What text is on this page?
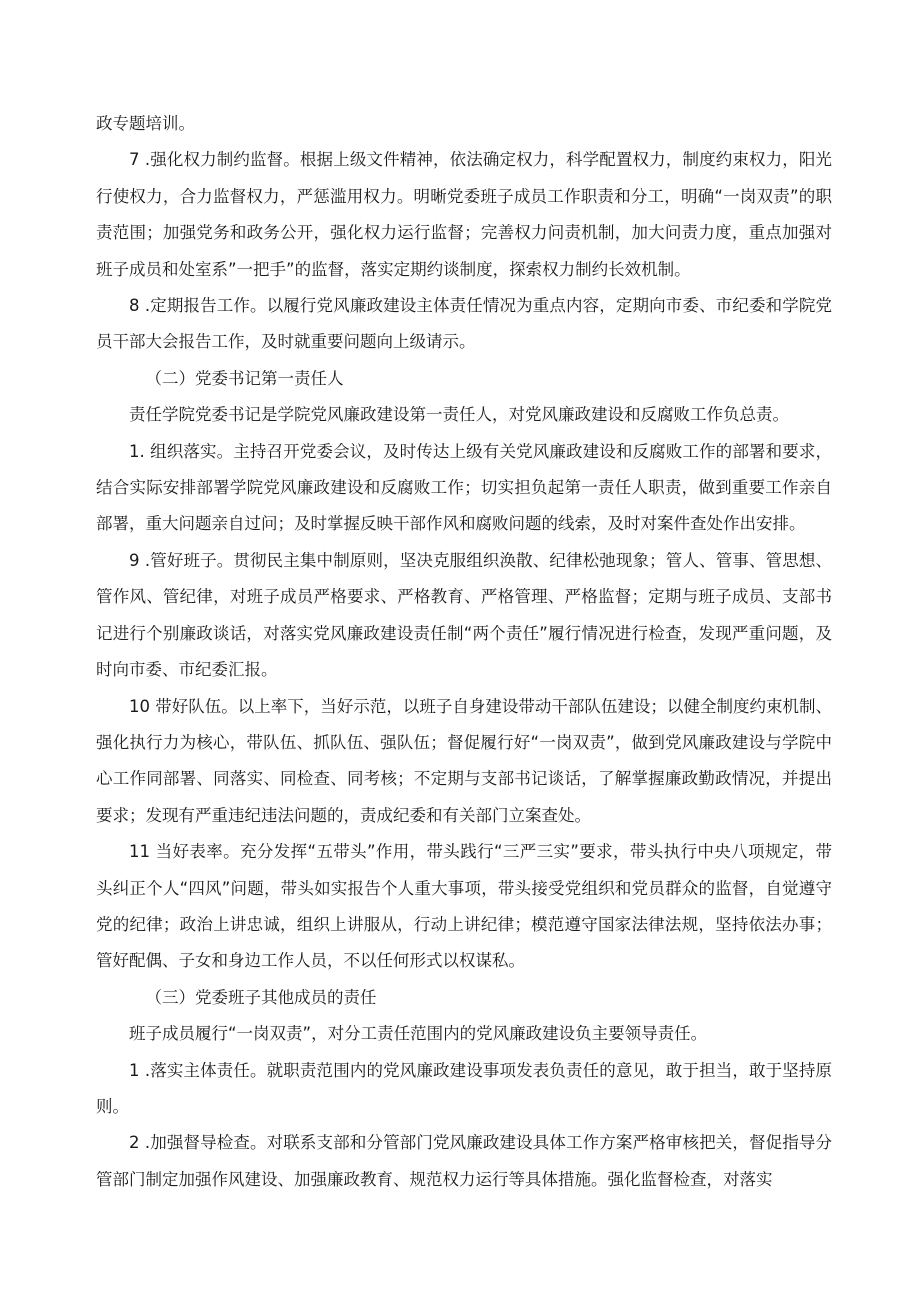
政专题培训。

7 .强化权力制约监督。根据上级文件精神，依法确定权力，科学配置权力，制度约束权力，阳光行使权力，合力监督权力，严惩滥用权力。明晰党委班子成员工作职责和分工，明确“一岗双责”的职责范围；加强党务和政务公开，强化权力运行监督；完善权力问责机制，加大问责力度，重点加强对班子成员和处室系”一把手”的监督，落实定期约谈制度，探索权力制约长效机制。

8 .定期报告工作。以履行党风廉政建设主体责任情况为重点内容，定期向市委、市纪委和学院党员干部大会报告工作，及时就重要问题向上级请示。

（二）党委书记第一责任人

责任学院党委书记是学院党风廉政建设第一责任人，对党风廉政建设和反腐败工作负总责。

1. 组织落实。主持召开党委会议，及时传达上级有关党风廉政建设和反腐败工作的部署和要求，结合实际安排部署学院党风廉政建设和反腐败工作；切实担负起第一责任人职责，做到重要工作亲自部署，重大问题亲自过问；及时掌握反映干部作风和腐败问题的线索，及时对案件查处作出安排。

9 .管好班子。贯彻民主集中制原则，坚决克服组织涣散、纪律松弛现象；管人、管事、管思想、管作风、管纪律，对班子成员严格要求、严格教育、严格管理、严格监督；定期与班子成员、支部书记进行个别廉政谈话，对落实党风廉政建设责任制“两个责任”履行情况进行检查，发现严重问题，及时向市委、市纪委汇报。

10 带好队伍。以上率下，当好示范，以班子自身建设带动干部队伍建设；以健全制度约束机制、强化执行力为核心，带队伍、抓队伍、强队伍；督促履行好“一岗双责”，做到党风廉政建设与学院中心工作同部署、同落实、同检查、同考核；不定期与支部书记谈话，了解掌握廉政勤政情况，并提出要求；发现有严重违纪违法问题的，责成纪委和有关部门立案查处。

11 当好表率。充分发挥“五带头”作用，带头践行“三严三实”要求，带头执行中央八项规定，带头纠正个人“四风”问题，带头如实报告个人重大事项，带头接受党组织和党员群众的监督，自觉遵守党的纪律；政治上讲忠诚，组织上讲服从，行动上讲纪律；模范遵守国家法律法规，坚持依法办事；管好配偶、子女和身边工作人员，不以任何形式以权谋私。

（三）党委班子其他成员的责任

班子成员履行“一岗双责”，对分工责任范围内的党风廉政建设负主要领导责任。

1 .落实主体责任。就职责范围内的党风廉政建设事项发表负责任的意见，敢于担当，敢于坚持原则。

2 .加强督导检查。对联系支部和分管部门党风廉政建设具体工作方案严格审核把关，督促指导分管部门制定加强作风建设、加强廉政教育、规范权力运行等具体措施。强化监督检查，对落实
